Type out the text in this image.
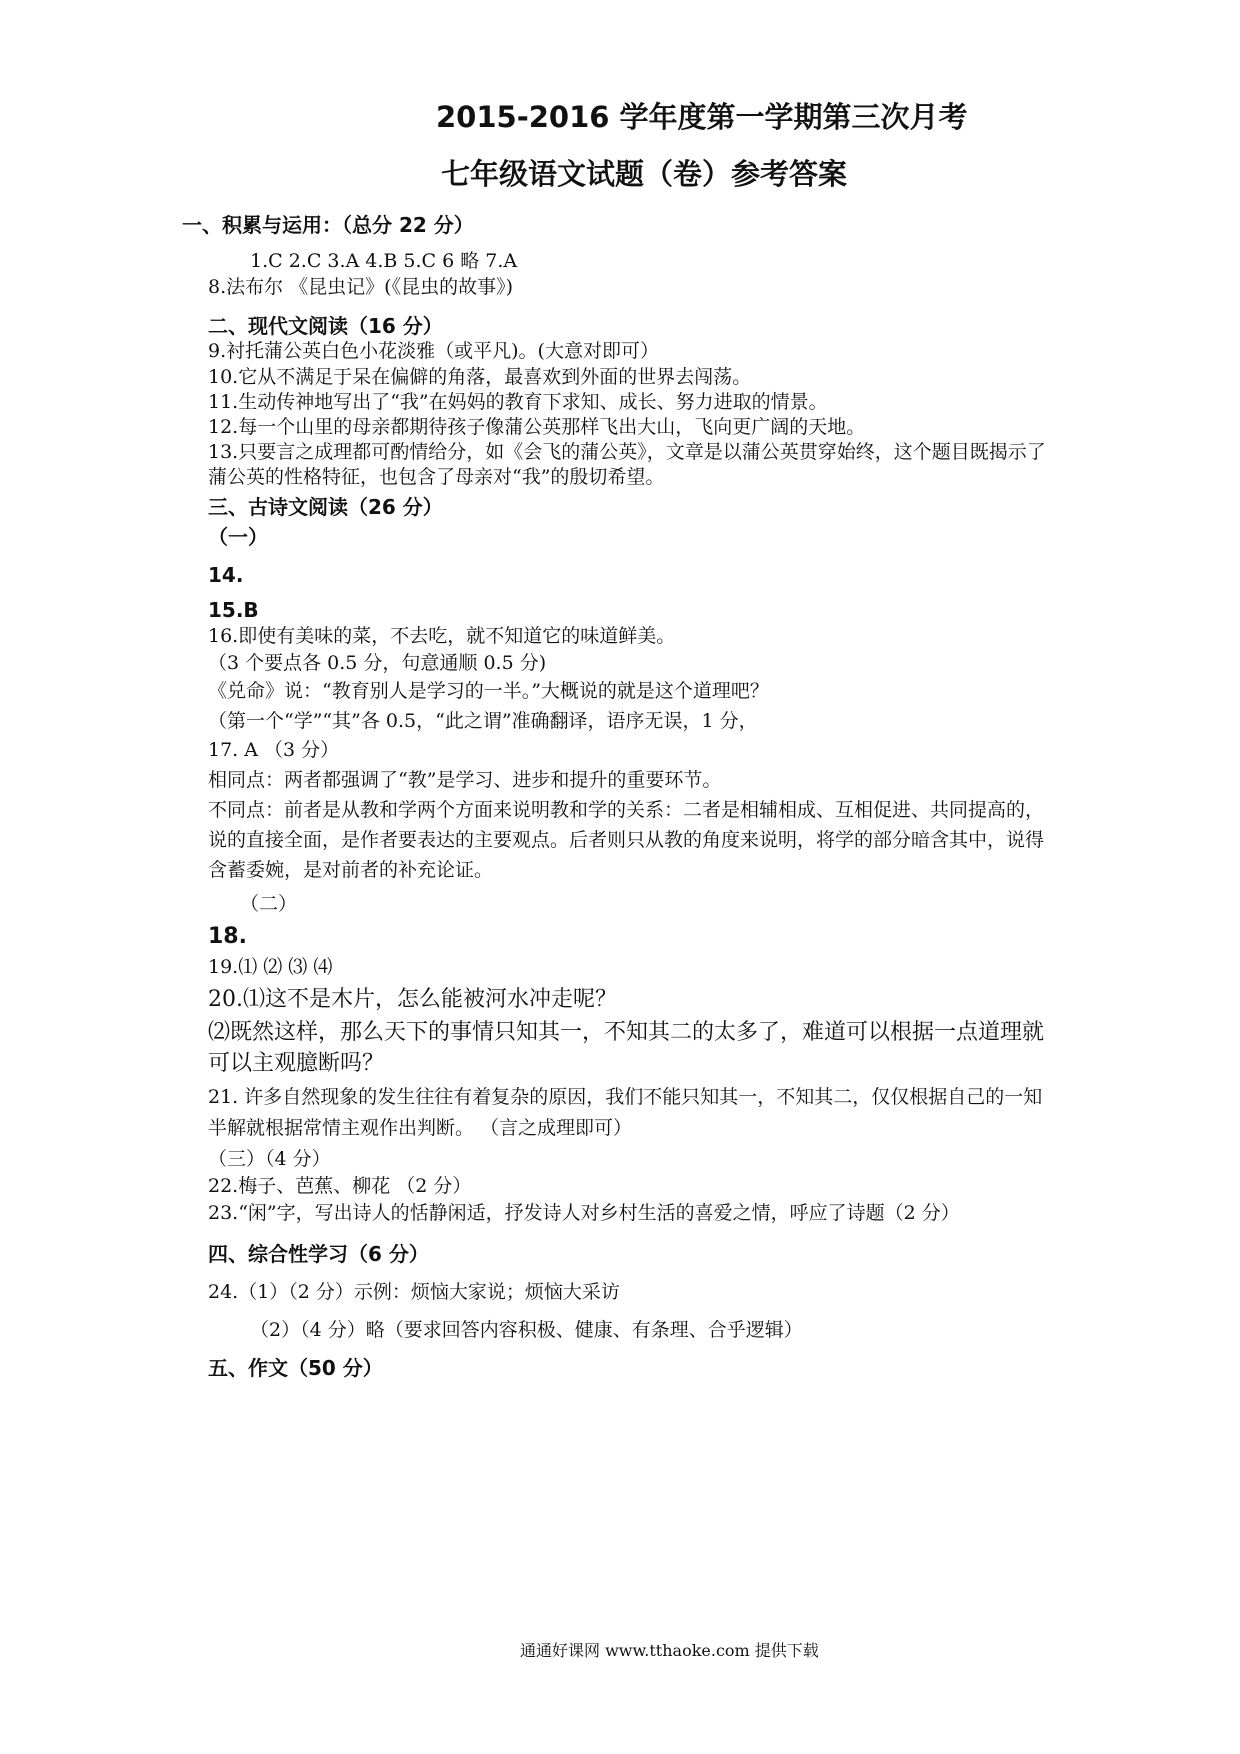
2015-2016 学年度第一学期第三次月考
七年级语文试题（卷）参考答案
一、积累与运用：（总分 22 分）
1.C 2.C 3.A 4.B 5.C 6 略 7.A
8.法布尔 《昆虫记》(《昆虫的故事》)
二、现代文阅读（16 分）
9.衬托蒲公英白色小花淡雅（或平凡)。(大意对即可）
10.它从不满足于呆在偏僻的角落，最喜欢到外面的世界去闯荡。
11.生动传神地写出了“我”在妈妈的教育下求知、成长、努力进取的情景。
12.每一个山里的母亲都期待孩子像蒲公英那样飞出大山，飞向更广阔的天地。
13.只要言之成理都可酌情给分，如《会飞的蒲公英》，文章是以蒲公英贯穿始终，这个题目既揭示了
蒲公英的性格特征，也包含了母亲对“我”的殷切希望。
三、古诗文阅读（26 分）
（一）
14.
15.B
16.即使有美味的菜，不去吃，就不知道它的味道鲜美。
（3 个要点各 0.5 分，句意通顺 0.5 分)
《兑命》说：“教育别人是学习的一半。”大概说的就是这个道理吧？
（第一个“学”“其”各 0.5，“此之谓”准确翻译，语序无误，1 分，
17. A （3 分）
相同点：两者都强调了“教”是学习、进步和提升的重要环节。
不同点：前者是从教和学两个方面来说明教和学的关系：二者是相辅相成、互相促进、共同提高的，
说的直接全面，是作者要表达的主要观点。后者则只从教的角度来说明，将学的部分暗含其中，说得
含蓄委婉，是对前者的补充论证。
（二）
18.
19.⑴ ⑵ ⑶ ⑷
20.⑴这不是木片，怎么能被河水冲走呢？
⑵既然这样，那么天下的事情只知其一，不知其二的太多了，难道可以根据一点道理就
可以主观臆断吗？
21. 许多自然现象的发生往往有着复杂的原因，我们不能只知其一，不知其二，仅仅根据自己的一知
半解就根据常情主观作出判断。 （言之成理即可）
（三）（4 分）
22.梅子、芭蕉、柳花 （2 分）
23.“闲”字，写出诗人的恬静闲适，抒发诗人对乡村生活的喜爱之情，呼应了诗题（2 分）
四、综合性学习（6 分）
24.（1）（2 分）示例：烦恼大家说；烦恼大采访
（2）（4 分）略（要求回答内容积极、健康、有条理、合乎逻辑）
五、作文（50 分）
通通好课网 www.tthaoke.com 提供下载
